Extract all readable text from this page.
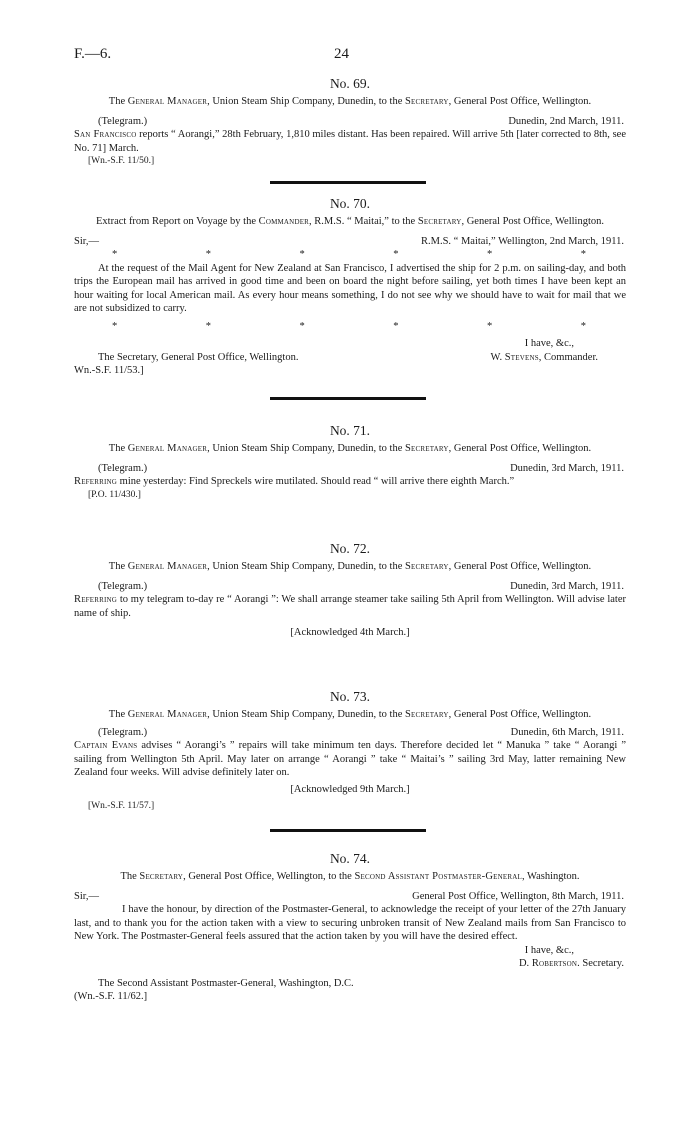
F.—6.	24
No. 69.
The General Manager, Union Steam Ship Company, Dunedin, to the Secretary, General Post Office, Wellington.
(Telegram.)	Dunedin, 2nd March, 1911.
San Francisco reports “ Aorangi,” 28th February, 1,810 miles distant. Has been repaired. Will arrive 5th [later corrected to 8th, see No. 71] March.
[Wn.-S.F. 11/50.]
No. 70.
Extract from Report on Voyage by the Commander, R.M.S. “ Maitai,” to the Secretary, General Post Office, Wellington.
Sir,—	R.M.S. “ Maitai,” Wellington, 2nd March, 1911.
*	*	*	*	*	*
At the request of the Mail Agent for New Zealand at San Francisco, I advertised the ship for 2 p.m. on sailing-day, and both trips the European mail has arrived in good time and been on board the night before sailing, yet both times I have been kept an hour waiting for local American mail. As every hour means something, I do not see why we should have to wait for mail that we are not subsidized to carry.
*	*	*	*	*	*
I have, &c.,
The Secretary, General Post Office, Wellington.	W. Stevens, Commander.
Wn.-S.F. 11/53.]
No. 71.
The General Manager, Union Steam Ship Company, Dunedin, to the Secretary, General Post Office, Wellington.
(Telegram.)	Dunedin, 3rd March, 1911.
Referring mine yesterday: Find Spreckels wire mutilated. Should read “ will arrive there eighth March.”
[P.O. 11/430.]
No. 72.
The General Manager, Union Steam Ship Company, Dunedin, to the Secretary, General Post Office, Wellington.
(Telegram.)	Dunedin, 3rd March, 1911.
Referring to my telegram to-day re “ Aorangi ”: We shall arrange steamer take sailing 5th April from Wellington. Will advise later name of ship.
[Acknowledged 4th March.]
No. 73.
The General Manager, Union Steam Ship Company, Dunedin, to the Secretary, General Post Office, Wellington.
(Telegram.)	Dunedin, 6th March, 1911.
Captain Evans advises “ Aorangi’s ” repairs will take minimum ten days. Therefore decided let “ Manuka ” take “ Aorangi ” sailing from Wellington 5th April. May later on arrange “ Aorangi ” take “ Maitai’s ” sailing 3rd May, latter remaining New Zealand four weeks. Will advise definitely later on.
[Acknowledged 9th March.]
[Wn.-S.F. 11/57.]
No. 74.
The Secretary, General Post Office, Wellington, to the Second Assistant Postmaster-General, Washington.
Sir,—	General Post Office, Wellington, 8th March, 1911.
I have the honour, by direction of the Postmaster-General, to acknowledge the receipt of your letter of the 27th January last, and to thank you for the action taken with a view to securing unbroken transit of New Zealand mails from San Francisco to New York. The Postmaster-General feels assured that the action taken by you will have the desired effect.
I have, &c.,
D. Robertson. Secretary.
The Second Assistant Postmaster-General, Washington, D.C.
(Wn.-S.F. 11/62.]
